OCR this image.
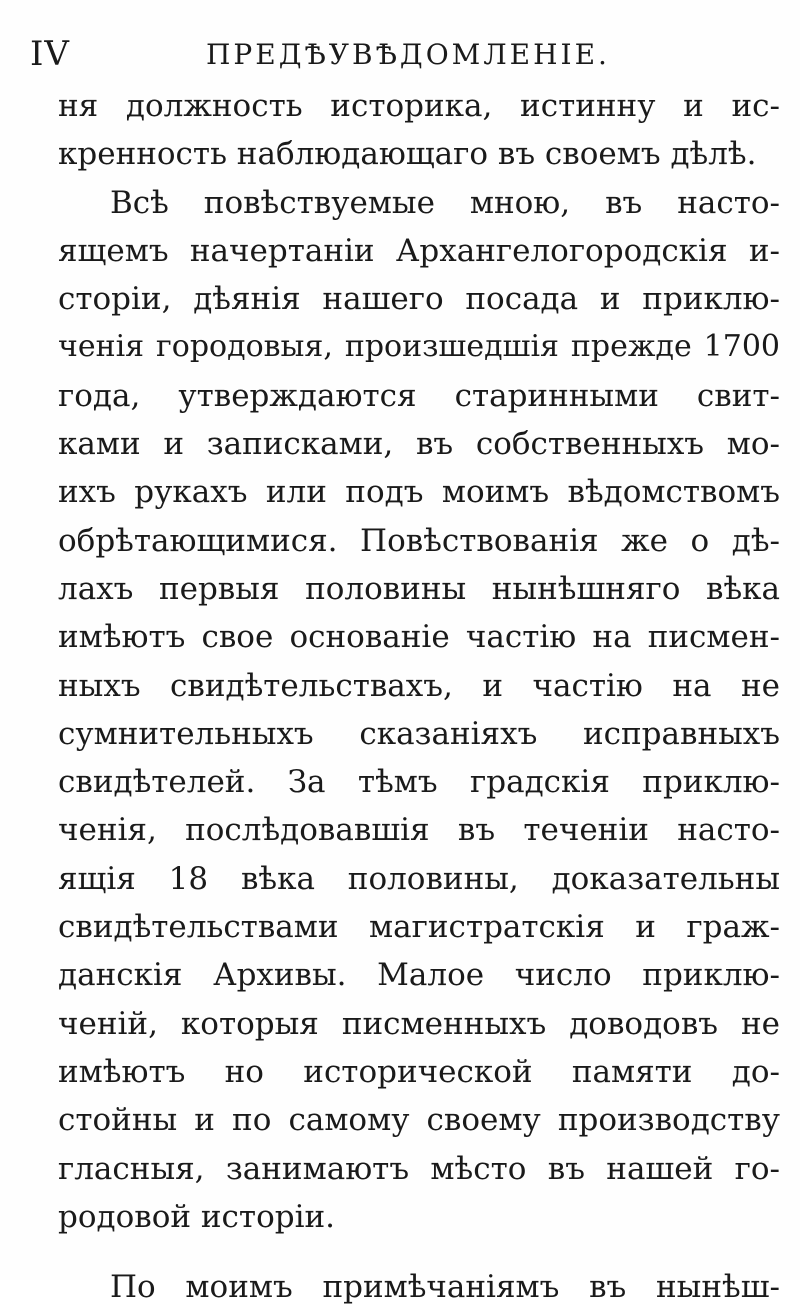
IV	ПРЕДѢУВѢДОМЛЕНІЕ.
ня должность историка, истинну и ис-
кренность наблюдающаго въ своемъ дѣлѣ.
Всѣ повѣствуемые мною, въ насто-
ящемъ начертаніи Архангелогородскія и-
сторіи, дѣянія нашего посада и приклю-
ченія городовыя, произшедшія прежде 1700
года, утверждаются старинными свит-
ками и записками, въ собственныхъ мо-
ихъ рукахъ или подъ моимъ вѣдомствомъ
обрѣтающимися. Повѣствованія же о дѣ-
лахъ первыя половины нынѣшняго вѣка
имѣютъ свое основаніе частію на писмен-
ныхъ свидѣтельствахъ, и частію на не
сумнительныхъ сказаніяхъ исправныхъ
свидѣтелей. За тѣмъ градскія приклю-
ченія, послѣдовавшія въ теченіи насто-
ящія 18 вѣка половины, доказательны
свидѣтельствами магистратскія и граж-
данскія Архивы. Малое число приклю-
ченій, которыя писменныхъ доводовъ не
имѣютъ но исторической памяти до-
стойны и по самому своему производству
гласныя, занимаютъ мѣсто въ нашей го-
родовой исторіи.
По моимъ примѣчаніямъ въ нынѣш-
